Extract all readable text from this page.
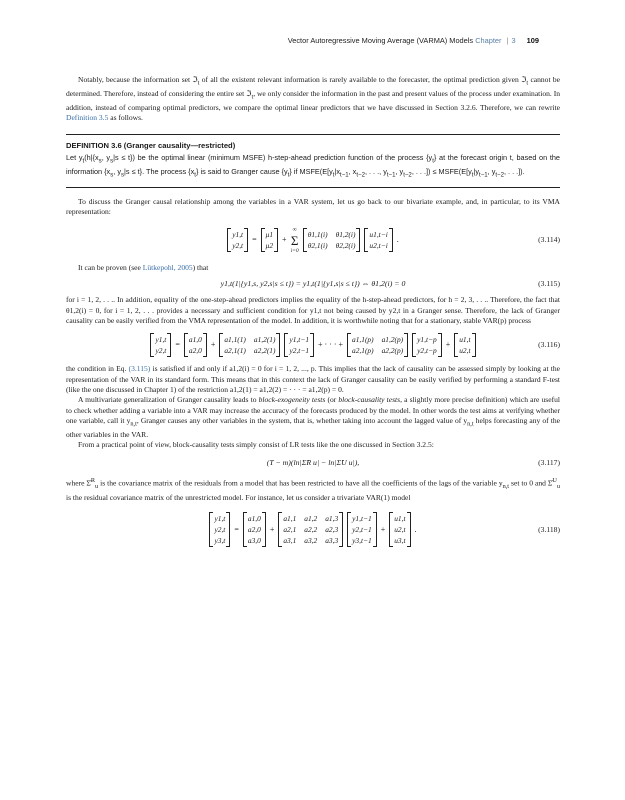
Vector Autoregressive Moving Average (VARMA) Models Chapter | 3 109

Notably, because the information set ℑ$_t$ of all the existent relevant information is rarely available to the forecaster, the optimal prediction given ℑ$_t$ cannot be determined. Therefore, instead of considering the entire set ℑ$_t$, we only consider the information in the past and present values of the process under examination. In addition, instead of comparing optimal predictors, we compare the optimal linear predictors that we have discussed in Section 3.2.6. Therefore, we can rewrite Definition 3.5 as follows.

DEFINITION 3.6 (Granger causality—restricted)

Let $y_t(h|\{x_s$, $y_s|s \le t$}) be the optimal linear (minimum MSFE) h-step-ahead prediction function of the process $\{y_t\}$ at the forecast origin t, based on the information {$x_s$, $y_s|s \le t$}. The process $\{x_t\}$ is said to Granger cause $\{y_t\}$ if $MSFE(E[y_t|x_{t-1}$, $x_{t-2}$, . . ., $y_{t-1}$, $y_{t-2}$, . . .]) ≤ $MSFE(E[y_t|y_{t-1}$, $y_{t-2}$, . . .]).

To discuss the Granger causal relationship among the variables in a VAR system, let us go back to our bivariate example, and, in particular, to its VMA representation:

y1,t
y2,t
=
μ1
μ2
+
∞
Σ
i=0
θ1,1(i) θ1,2(i)
θ2,1(i) θ2,2(i)
u1,t−i
u2,t−i
.	(3.114)

It can be proven (see Lütkepohl, 2005) that

y1,t(1|{y1,s, y2,s|s ≤ t}) = y1,t(1|{y1,s|s ≤ t}) ⇔ θ1,2(i) = 0	(3.115)

for i = 1, 2, . . .. In addition, equality of the one-step-ahead predictors implies the equality of the h-step-ahead predictors, for h = 2, 3, . . .. Therefore, the fact that θ1,2(i) = 0, for i = 1, 2, . . . provides a necessary and sufficient condition for y1,t not being caused by y2,t in a Granger sense. Therefore, the lack of Granger causality can be easily verified from the VMA representation of the model. In addition, it is worthwhile noting that for a stationary, stable VAR(p) process

y1,t
y2,t
=
a1,0
a2,0
+
a1,1(1) a1,2(1)
a2,1(1) a2,2(1)
y1,t−1
y2,t−1
+ · · · +
a1,1(p) a1,2(p)
a2,1(p) a2,2(p)
y1,t−p
y2,t−p
+
u1,t
u2,t
(3.116)

the condition in Eq. (3.115) is satisfied if and only if a1,2(i) = 0 for i = 1, 2, ..., p. This implies that the lack of causality can be assessed simply by looking at the representation of the VAR in its standard form. This means that in this context the lack of Granger causality can be easily verified by performing a standard F-test (like the one discussed in Chapter 1) of the restriction a1,2(1) = a1,2(2) = · · · = a1,2(p) = 0.

A multivariate generalization of Granger causality leads to block-exogeneity tests (or block-causality tests, a slightly more precise definition) which are useful to check whether adding a variable into a VAR may increase the accuracy of the forecasts produced by the model. In other words the test aims at verifying whether one variable, call it $y_{n,t}$, Granger causes any other variables in the system, that is, whether taking into account the lagged value of $y_{n,t}$ helps forecasting any of the other variables in the VAR.

From a practical point of view, block-causality tests simply consist of LR tests like the one discussed in Section 3.2.5:

(T − m)(ln|Σ̂R u| − ln|Σ̂U u|),	(3.117)

where Σ̂$^R_u$ is the covariance matrix of the residuals from a model that has been restricted to have all the coefficients of the lags of the variable $y_{n,t}$ set to 0 and Σ̂$^U_u$ is the residual covariance matrix of the unrestricted model. For instance, let us consider a trivariate VAR(1) model

y1,t
y2,t
y3,t
=
a1,0
a2,0
a3,0
+
a1,1 a1,2 a1,3
a2,1 a2,2 a2,3
a3,1 a3,2 a3,3
y1,t−1
y2,t−1
y3,t−1
+
u1,t
u2,t
u3,t
.	(3.118)
